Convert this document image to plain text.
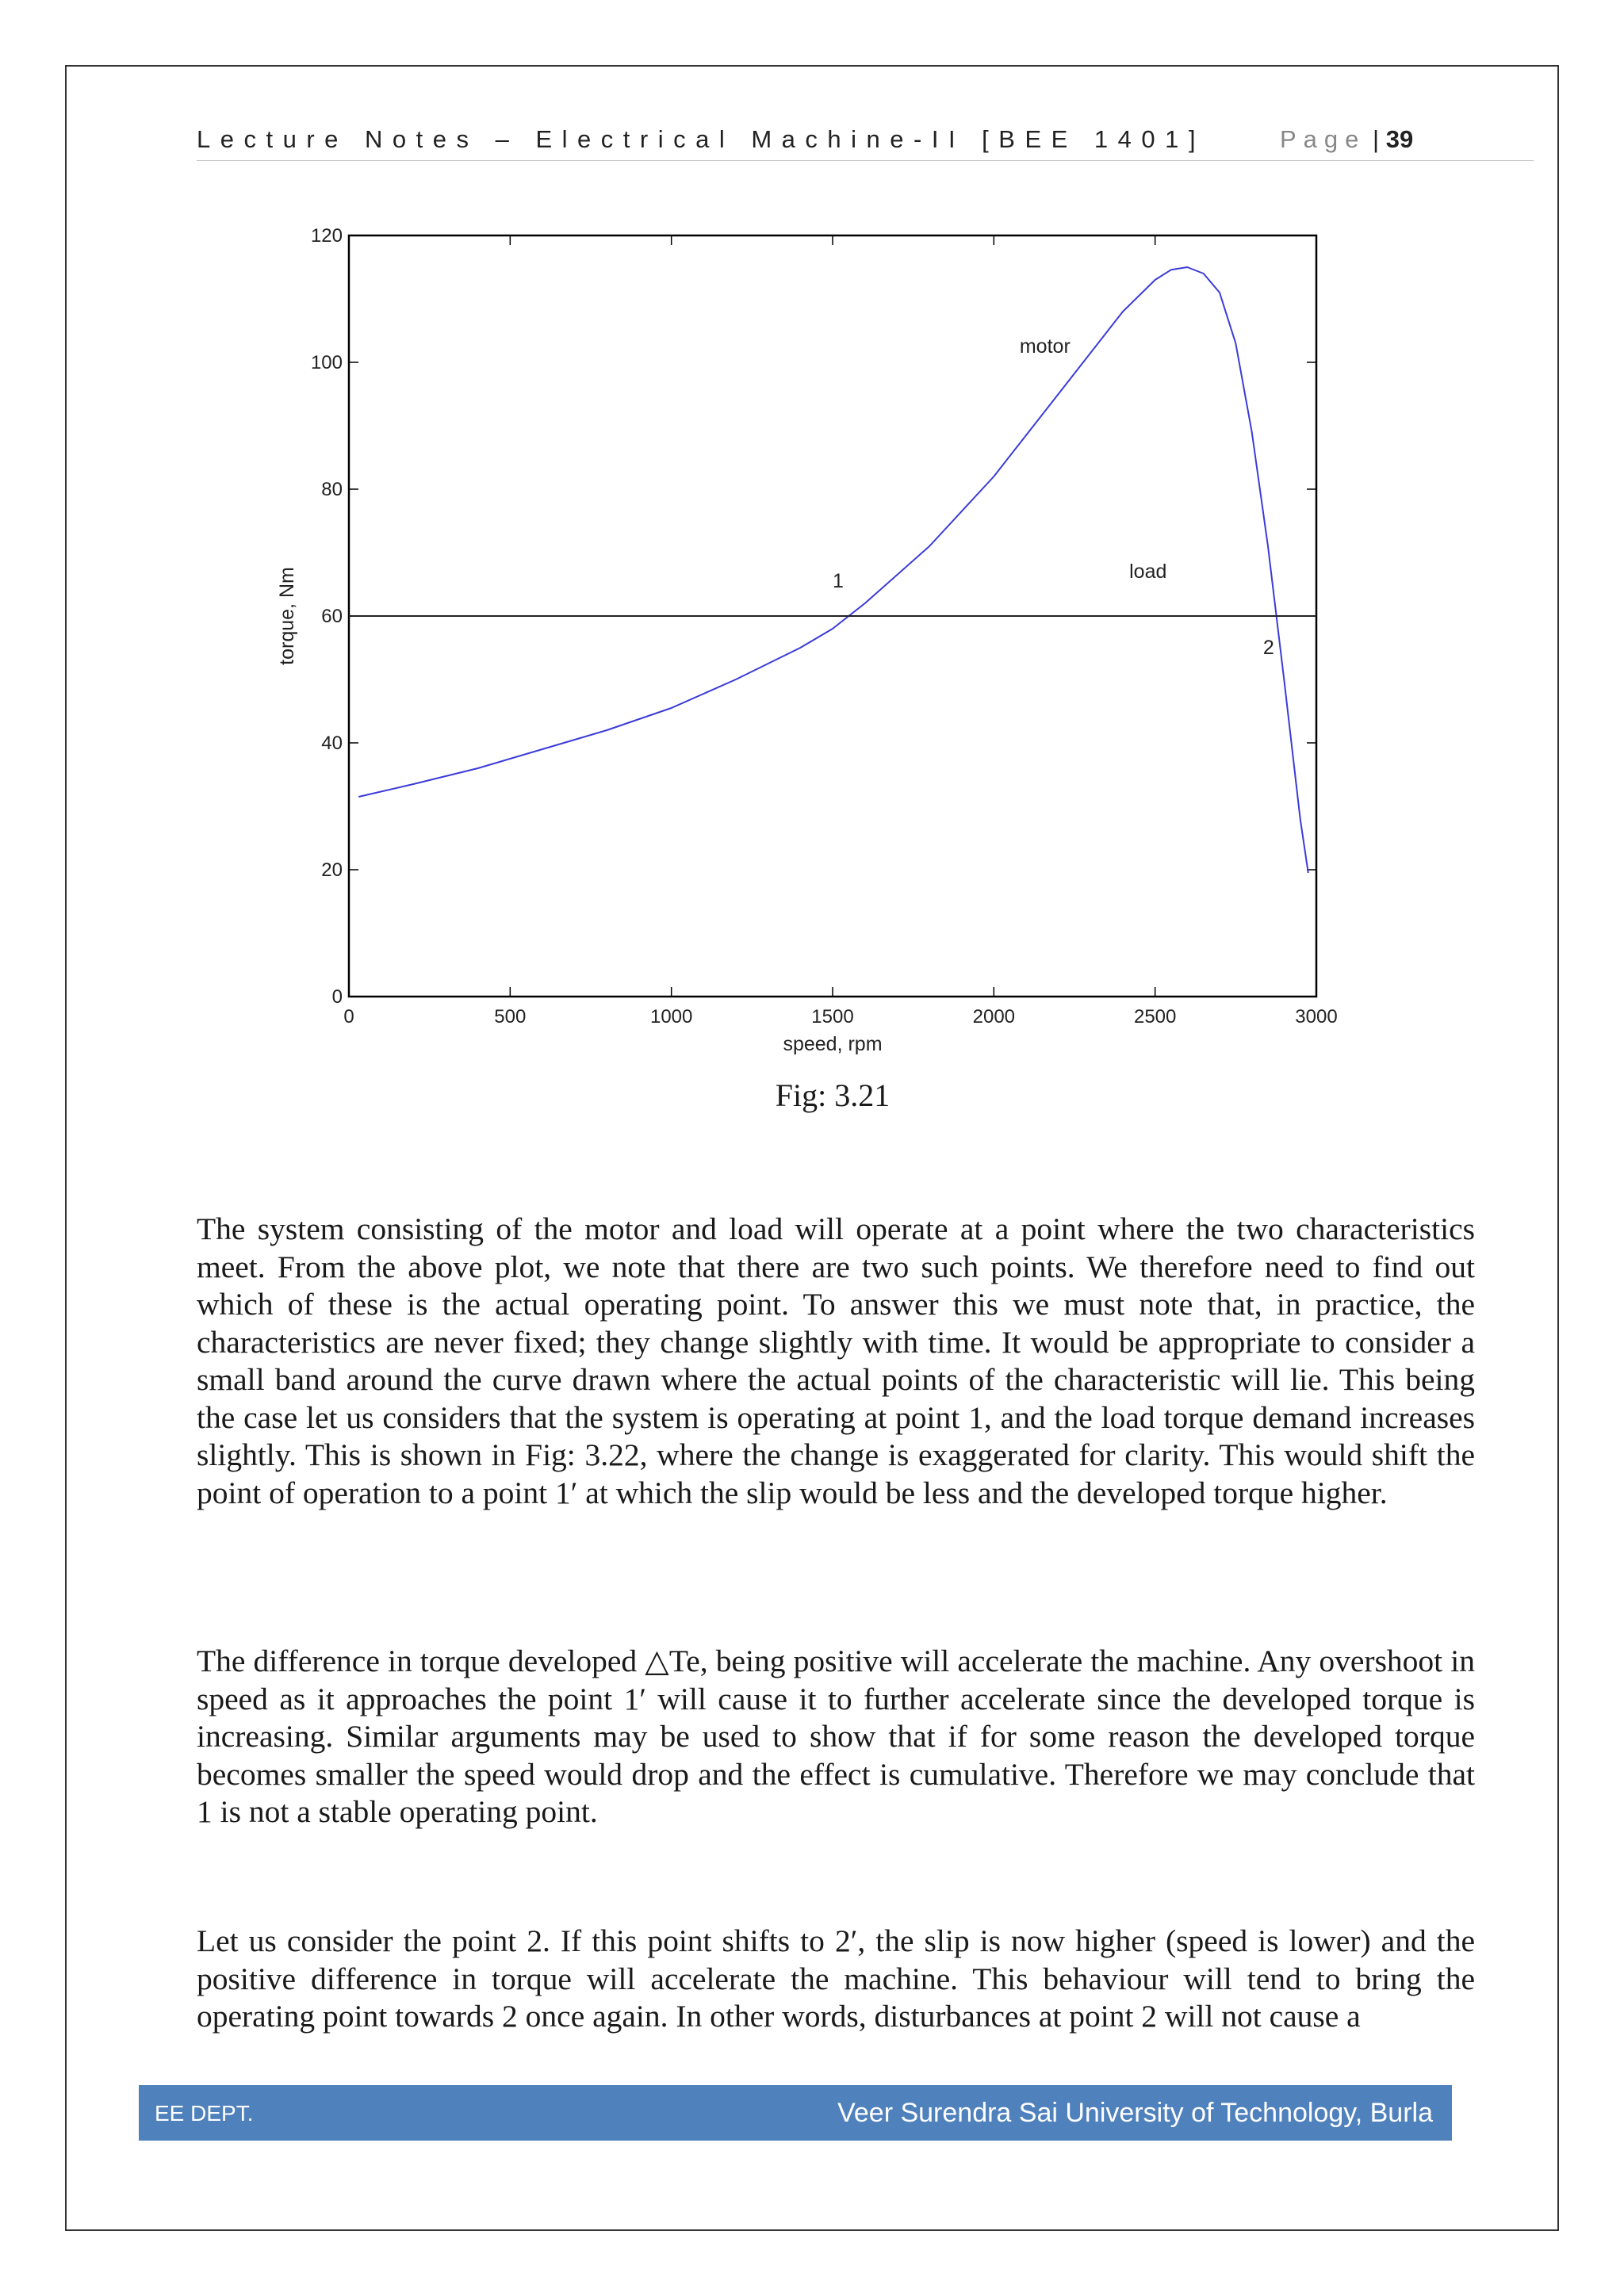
Lecture Notes – Electrical Machine-II [BEE 1401]	Page | 39
0	500	1000	1500	2000	2500	3000
0
20
40
60
80
100
120
motor
load
1
2
speed, rpm
torque, Nm
Fig: 3.21

The system consisting of the motor and load will operate at a point where the two characteristics meet. From the above plot, we note that there are two such points. We therefore need to find out which of these is the actual operating point. To answer this we must note that, in practice, the characteristics are never fixed; they change slightly with time. It would be appropriate to consider a small band around the curve drawn where the actual points of the characteristic will lie. This being the case let us considers that the system is operating at point 1, and the load torque demand increases slightly. This is shown in Fig: 3.22, where the change is exaggerated for clarity. This would shift the point of operation to a point 1′ at which the slip would be less and the developed torque higher.

The difference in torque developed △Te, being positive will accelerate the machine. Any overshoot in speed as it approaches the point 1′ will cause it to further accelerate since the developed torque is increasing. Similar arguments may be used to show that if for some reason the developed torque becomes smaller the speed would drop and the effect is cumulative. Therefore we may conclude that 1 is not a stable operating point.

Let us consider the point 2. If this point shifts to 2′, the slip is now higher (speed is lower) and the positive difference in torque will accelerate the machine. This behaviour will tend to bring the operating point towards 2 once again. In other words, disturbances at point 2 will not cause a

EE DEPT.	Veer Surendra Sai University of Technology, Burla
